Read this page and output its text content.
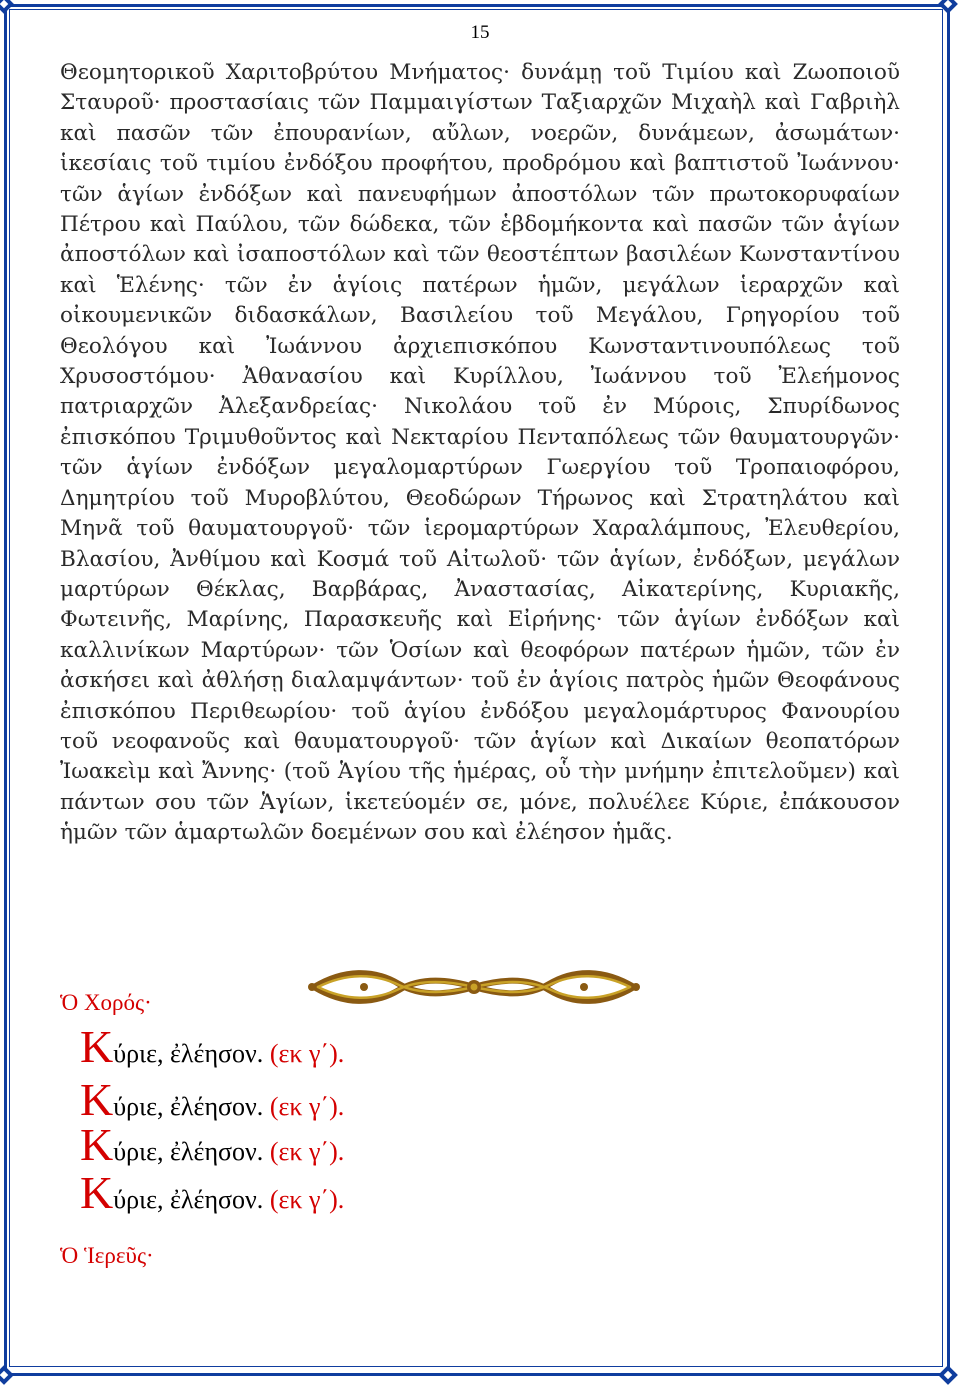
15

Θεομητορικοῦ Χαριτοβρύτου Μνήματος· δυνάμῃ τοῦ Τιμίου καὶ Ζωοποιοῦ Σταυροῦ· προστασίαις τῶν Παμμαιγίστων Ταξιαρχῶν Μιχαὴλ καὶ Γαβριὴλ καὶ πασῶν τῶν ἐπουρανίων, αὔλων, νοερῶν, δυνάμεων, ἀσωμάτων· ἱκεσίαις τοῦ τιμίου ἐνδόξου προφήτου, προδρόμου καὶ βαπτιστοῦ Ἰωάννου· τῶν ἁγίων ἐνδόξων καὶ πανευφήμων ἀποστόλων τῶν πρωτοκορυφαίων Πέτρου καὶ Παύλου, τῶν δώδεκα, τῶν ἑβδομήκοντα καὶ πασῶν τῶν ἁγίων ἀποστόλων καὶ ἰσαποστόλων καὶ τῶν θεοστέπτων βασιλέων Κωνσταντίνου καὶ Ἑλένης· τῶν ἐν ἁγίοις πατέρων ἡμῶν, μεγάλων ἱεραρχῶν καὶ οἰκουμενικῶν διδασκάλων, Βασιλείου τοῦ Μεγάλου, Γρηγορίου τοῦ Θεολόγου καὶ Ἰωάννου ἀρχιεπισκόπου Κωνσταντινουπόλεως τοῦ Χρυσοστόμου· Ἀθανασίου καὶ Κυρίλλου, Ἰωάννου τοῦ Ἐλεήμονος πατριαρχῶν Ἀλεξανδρείας· Νικολάου τοῦ ἐν Μύροις, Σπυρίδωνος ἐπισκόπου Τριμυθοῦντος καὶ Νεκταρίου Πενταπόλεως τῶν θαυματουργῶν· τῶν ἁγίων ἐνδόξων μεγαλομαρτύρων Γωεργίου τοῦ Τροπαιοφόρου, Δημητρίου τοῦ Μυροβλύτου, Θεοδώρων Τήρωνος καὶ Στρατηλάτου καὶ Μηνᾶ τοῦ θαυματουργοῦ· τῶν ἱερομαρτύρων Χαραλάμπους, Ἐλευθερίου, Βλασίου, Ἀνθίμου καὶ Κοσμά τοῦ Αἰτωλοῦ· τῶν ἁγίων, ἐνδόξων, μεγάλων μαρτύρων Θέκλας, Βαρβάρας, Ἀναστασίας, Αἰκατερίνης, Κυριακῆς, Φωτεινῆς, Μαρίνης, Παρασκευῆς καὶ Εἰρήνης· τῶν ἁγίων ἐνδόξων καὶ καλλινίκων Μαρτύρων· τῶν Ὁσίων καὶ θεοφόρων πατέρων ἡμῶν, τῶν ἐν ἀσκήσει καὶ ἀθλήσῃ διαλαμψάντων· τοῦ ἐν ἁγίοις πατρὸς ἡμῶν Θεοφάνους ἐπισκόπου Περιθεωρίου· τοῦ ἁγίου ἐνδόξου μεγαλομάρτυρος Φανουρίου τοῦ νεοφανοῦς καὶ θαυματουργοῦ· τῶν ἁγίων καὶ Δικαίων θεοπατόρων Ἰωακεὶμ καὶ Ἄννης· (τοῦ Ἁγίου τῆς ἡμέρας, οὗ τὴν μνήμην ἐπιτελοῦμεν) καὶ πάντων σου τῶν Ἁγίων, ἱκετεύομέν σε, μόνε, πολυέλεε Κύριε, ἐπάκουσον ἡμῶν τῶν ἁμαρτωλῶν δοεμένων σου καὶ ἐλέησον ἡμᾶς.

Ὁ Χορός·
Κύριε, ἐλέησον. (εκ γ΄).
Κύριε, ἐλέησον. (εκ γ΄).
Κύριε, ἐλέησον. (εκ γ΄).
Κύριε, ἐλέησον. (εκ γ΄).
Ὁ Ἱερεῦς·
